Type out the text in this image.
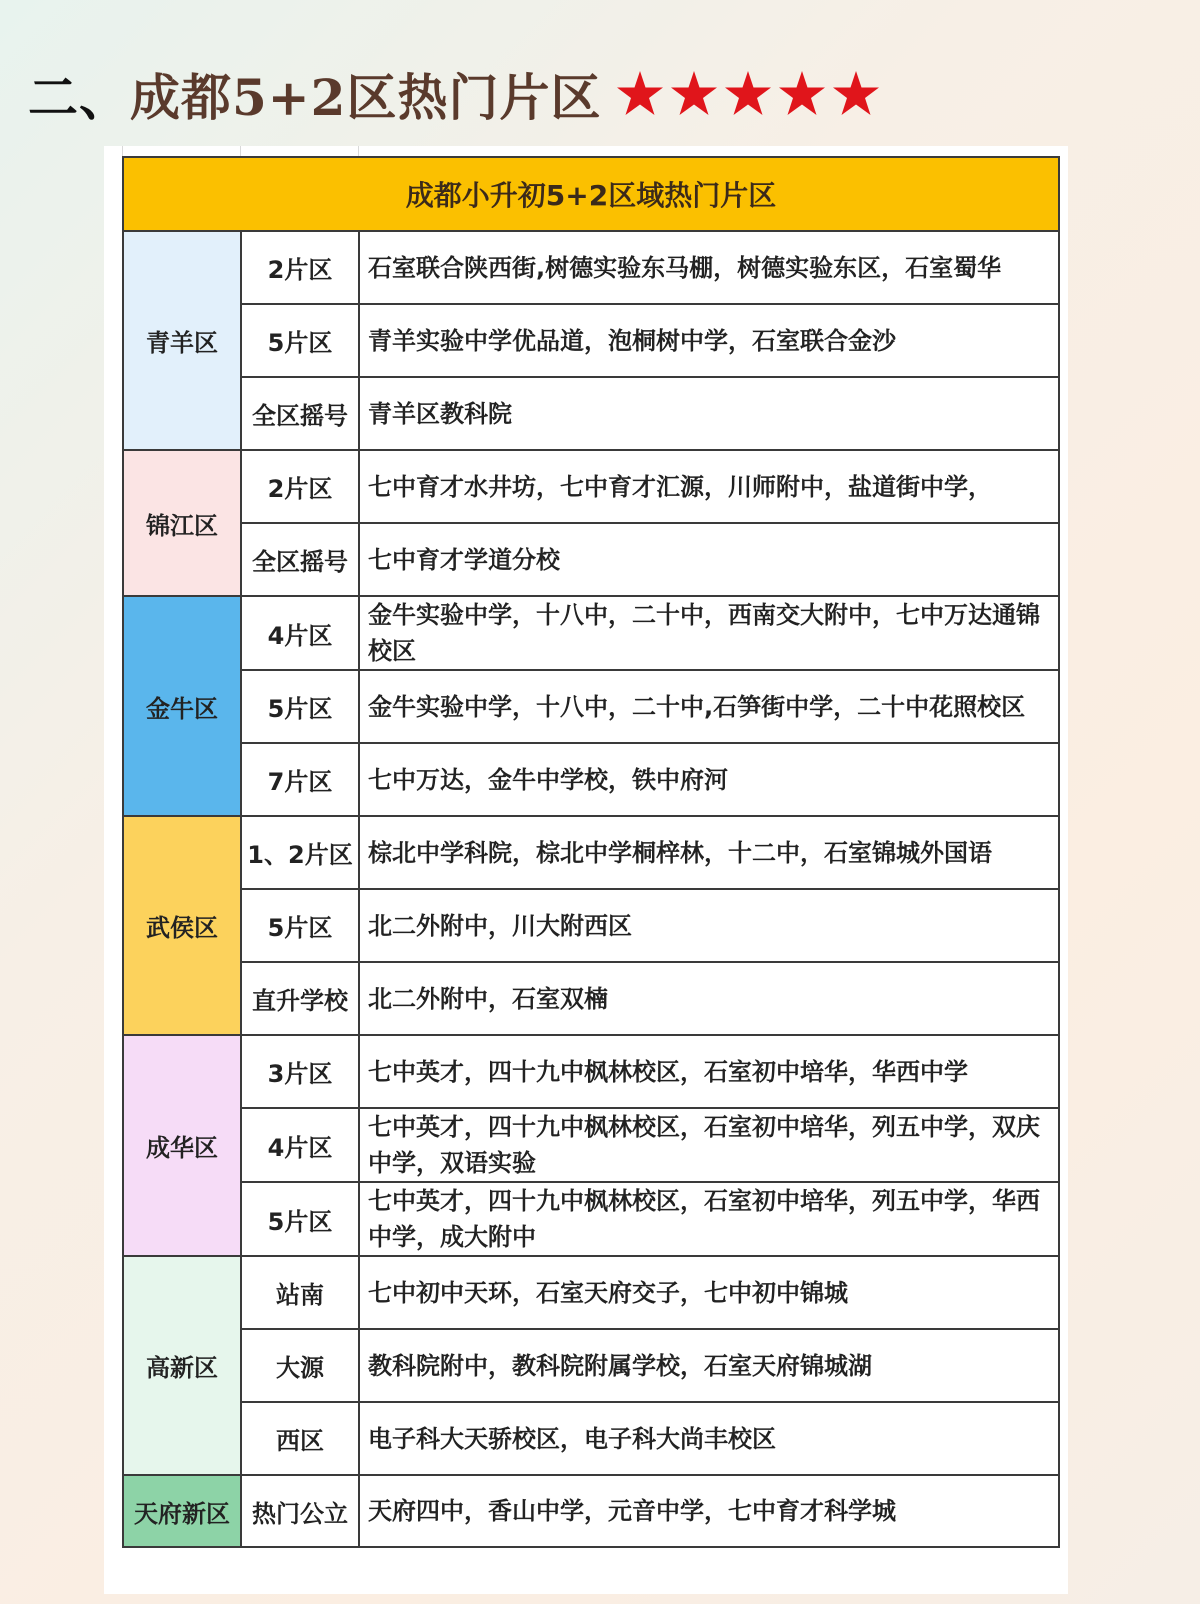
二、成都5+2区热门片区
成都小升初5+2区域热门片区		
青羊区	2片区	石室联合陕西街,树德实验东马棚，树德实验东区，石室蜀华
	5片区	青羊实验中学优品道，泡桐树中学，石室联合金沙
	全区摇号	青羊区教科院
锦江区	2片区	七中育才水井坊，七中育才汇源，川师附中，盐道街中学，
	全区摇号	七中育才学道分校
金牛区	4片区	金牛实验中学，十八中，二十中，西南交大附中，七中万达通锦校区
	5片区	金牛实验中学，十八中，二十中,石笋街中学，二十中花照校区
	7片区	七中万达，金牛中学校，铁中府河
武侯区	1、2片区	棕北中学科院，棕北中学桐梓林，十二中，石室锦城外国语
	5片区	北二外附中，川大附西区
	直升学校	北二外附中，石室双楠
成华区	3片区	七中英才，四十九中枫林校区，石室初中培华，华西中学
	4片区	七中英才，四十九中枫林校区，石室初中培华，列五中学，双庆中学，双语实验
	5片区	七中英才，四十九中枫林校区，石室初中培华，列五中学，华西中学，成大附中
高新区	站南	七中初中天环，石室天府交子，七中初中锦城
	大源	教科院附中，教科院附属学校，石室天府锦城湖
	西区	电子科大天骄校区，电子科大尚丰校区
天府新区	热门公立	天府四中，香山中学，元音中学，七中育才科学城
